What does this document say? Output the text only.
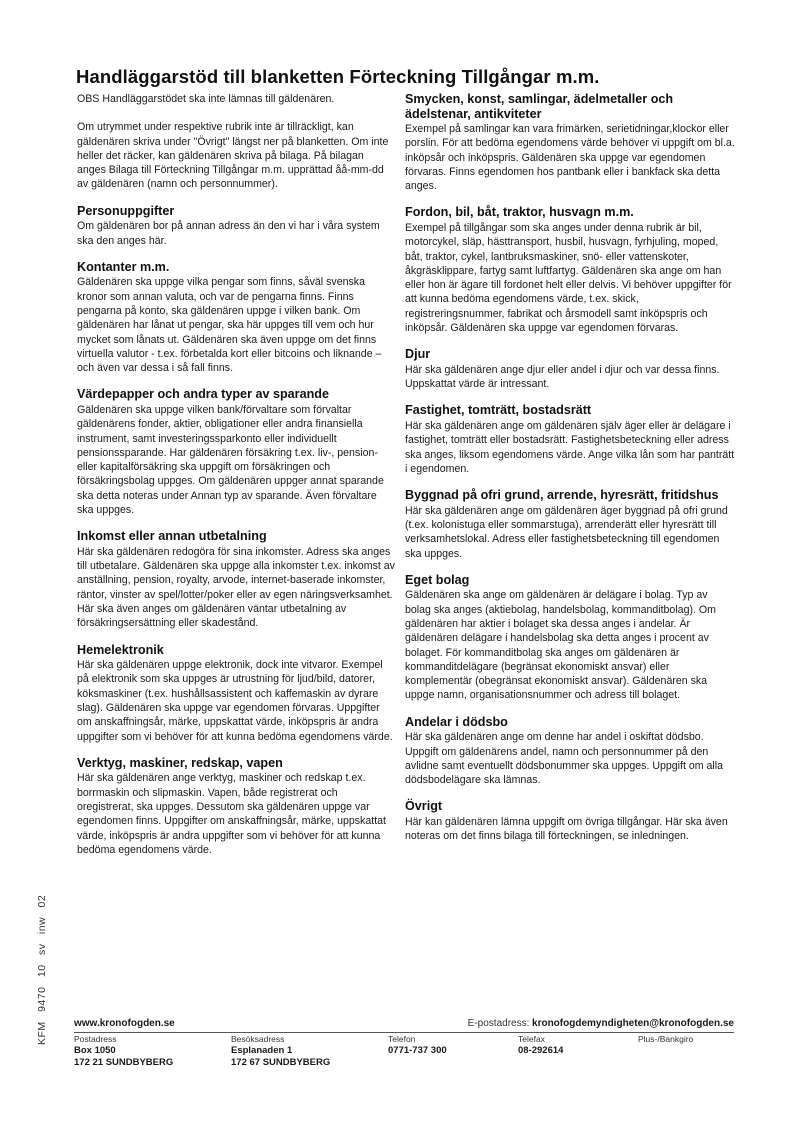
Handläggarstöd till blanketten Förteckning Tillgångar m.m.

OBS Handläggarstödet ska inte lämnas till gäldenären.

Om utrymmet under respektive rubrik inte är tillräckligt, kan gäldenären skriva under "Övrigt" längst ner på blanketten. Om inte heller det räcker, kan gäldenären skriva på bilaga. På bilagan anges Bilaga till Förteckning Tillgångar m.m. upprättad åå-mm-dd av gäldenären (namn och personnummer).

Personuppgifter

Om gäldenären bor på annan adress än den vi har i våra system ska den anges här.

Kontanter m.m.

Gäldenären ska uppge vilka pengar som finns, såväl svenska kronor som annan valuta, och var de pengarna finns. Finns pengarna på konto, ska gäldenären uppge i vilken bank. Om gäldenären har lånat ut pengar, ska här uppges till vem och hur mycket som lånats ut. Gäldenären ska även uppge om det finns virtuella valutor - t.ex. förbetalda kort eller bitcoins och liknande – och även var dessa i så fall finns.

Värdepapper och andra typer av sparande

Gäldenären ska uppge vilken bank/förvaltare som förvaltar gäldenärens fonder, aktier, obligationer eller andra finansiella instrument, samt investeringssparkonto eller individuellt pensionssparande. Har gäldenären försäkring t.ex. liv-, pension- eller kapitalförsäkring ska uppgift om försäkringen och försäkringsbolag uppges. Om gäldenären uppger annat sparande ska detta noteras under Annan typ av sparande. Även förvaltare ska uppges.

Inkomst eller annan utbetalning

Här ska gäldenären redogöra för sina inkomster. Adress ska anges till utbetalare. Gäldenären ska uppge alla inkomster t.ex. inkomst av anställning, pension, royalty, arvode, internet-baserade inkomster, räntor, vinster av spel/lotter/poker eller av egen näringsverksamhet. Här ska även anges om gäldenären väntar utbetalning av försäkringsersättning eller skadestånd.

Hemelektronik

Här ska gäldenären uppge elektronik, dock inte vitvaror. Exempel på elektronik som ska uppges är utrustning för ljud/bild, datorer, köksmaskiner (t.ex. hushållsassistent och kaffemaskin av dyrare slag). Gäldenären ska uppge var egendomen förvaras. Uppgifter om anskaffningsår, märke, uppskattat värde, inköpspris är andra uppgifter som vi behöver för att kunna bedöma egendomens värde.

Verktyg, maskiner, redskap, vapen

Här ska gäldenären ange verktyg, maskiner och redskap t.ex. borrmaskin och slipmaskin. Vapen, både registrerat och oregistrerat, ska uppges. Dessutom ska gäldenären uppge var egendomen finns. Uppgifter om anskaffningsår, märke, uppskattat värde, inköpspris är andra uppgifter som vi behöver för att kunna bedöma egendomens värde.

Smycken, konst, samlingar, ädelmetaller och ädelstenar, antikviteter

Exempel på samlingar kan vara frimärken, serietidningar,klockor eller porslin. För att bedöma egendomens värde behöver vi uppgift om bl.a. inköpsår och inköpspris. Gäldenären ska uppge var egendomen förvaras. Finns egendomen hos pantbank eller i bankfack ska detta anges.

Fordon, bil, båt, traktor, husvagn m.m.

Exempel på tillgångar som ska anges under denna rubrik är bil, motorcykel, släp, hästtransport, husbil, husvagn, fyrhjuling, moped, båt, traktor, cykel, lantbruksmaskiner, snö- eller vattenskoter, åkgräsklippare, fartyg samt luftfartyg. Gäldenären ska ange om han eller hon är ägare till fordonet helt eller delvis. Vi behöver uppgifter för att kunna bedöma egendomens värde, t.ex. skick, registreringsnummer, fabrikat och årsmodell samt inköpspris och inköpsår. Gäldenären ska uppge var egendomen förvaras.

Djur

Här ska gäldenären ange djur eller andel i djur och var dessa finns. Uppskattat värde är intressant.

Fastighet, tomträtt, bostadsrätt

Här ska gäldenären ange om gäldenären själv äger eller är delägare i fastighet, tomträtt eller bostadsrätt. Fastighetsbeteckning eller adress ska anges, liksom egendomens värde. Ange vilka lån som har panträtt i egendomen.

Byggnad på ofri grund, arrende, hyresrätt, fritidshus

Här ska gäldenären ange om gäldenären äger byggnad på ofri grund (t.ex. kolonistuga eller sommarstuga), arrenderätt eller hyresrätt till verksamhetslokal. Adress eller fastighetsbeteckning till egendomen ska uppges.

Eget bolag

Gäldenären ska ange om gäldenären är delägare i bolag. Typ av bolag ska anges (aktiebolag, handelsbolag, kommanditbolag). Om gäldenären har aktier i bolaget ska dessa anges i andelar. Är gäldenären delägare i handelsbolag ska detta anges i procent av bolaget. För kommanditbolag ska anges om gäldenären är kommanditdelägare (begränsat ekonomiskt ansvar) eller komplementär (obegränsat ekonomiskt ansvar). Gäldenären ska uppge namn, organisationsnummer och adress till bolaget.

Andelar i dödsbo

Här ska gäldenären ange om denne har andel i oskiftat dödsbo. Uppgift om gäldenärens andel, namn och personnummer på den avlidne samt eventuellt dödsbonummer ska uppges. Uppgift om alla dödsbodelägare ska lämnas.

Övrigt

Här kan gäldenären lämna uppgift om övriga tillgångar. Här ska även noteras om det finns bilaga till förteckningen, se inledningen.

KFM 9470 10 sv inw 02	www.kronofogden.se	E-postadress: kronofogdemyndigheten@kronofogden.se
Postadress
Box 1050
172 21 SUNDBYBERG
Besöksadress
Esplanaden 1
172 67 SUNDBYBERG
Telefon
0771-737 300
Telefax
08-292614
Plus-/Bankgiro
